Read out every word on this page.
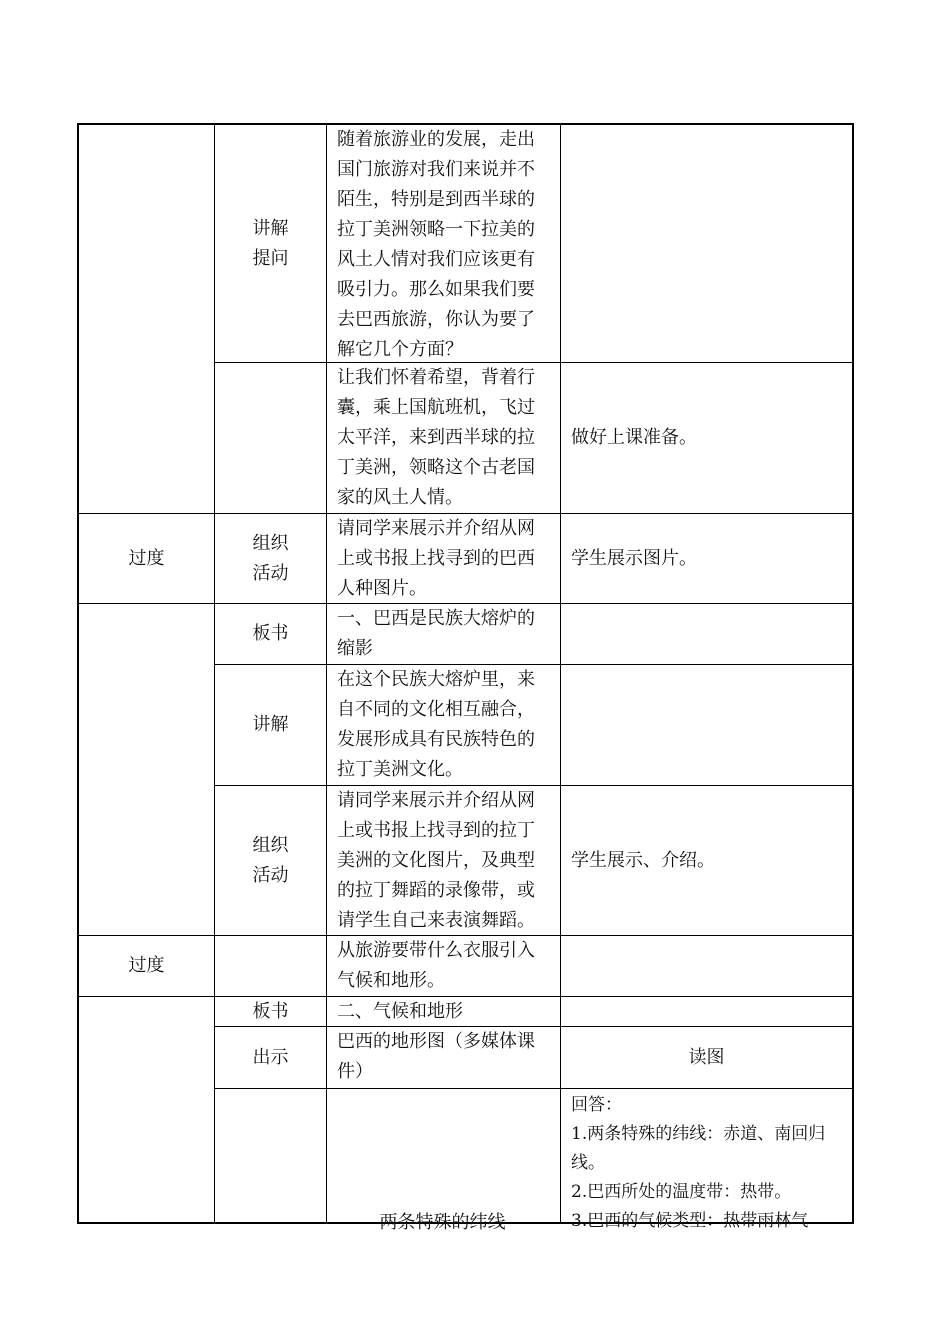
讲解
提问
随着旅游业的发展，走出国门旅游对我们来说并不陌生，特别是到西半球的拉丁美洲领略一下拉美的风土人情对我们应该更有吸引力。那么如果我们要去巴西旅游，你认为要了解它几个方面？
让我们怀着希望，背着行囊，乘上国航班机，飞过太平洋，来到西半球的拉丁美洲，领略这个古老国家的风土人情。
做好上课准备。
过度
组织
活动
请同学来展示并介绍从网上或书报上找寻到的巴西人种图片。
学生展示图片。
板书
一、巴西是民族大熔炉的缩影
讲解
在这个民族大熔炉里，来自不同的文化相互融合，发展形成具有民族特色的拉丁美洲文化。
组织
活动
请同学来展示并介绍从网上或书报上找寻到的拉丁美洲的文化图片，及典型的拉丁舞蹈的录像带，或请学生自己来表演舞蹈。
学生展示、介绍。
过度
从旅游要带什么衣服引入气候和地形。
板书	二、气候和地形
出示
巴西的地形图（多媒体课件）
读图
回答：
1.两条特殊的纬线：赤道、南回归线。
2.巴西所处的温度带：热带。
3.巴西的气候类型：热带雨林气
两条特殊的纬线
